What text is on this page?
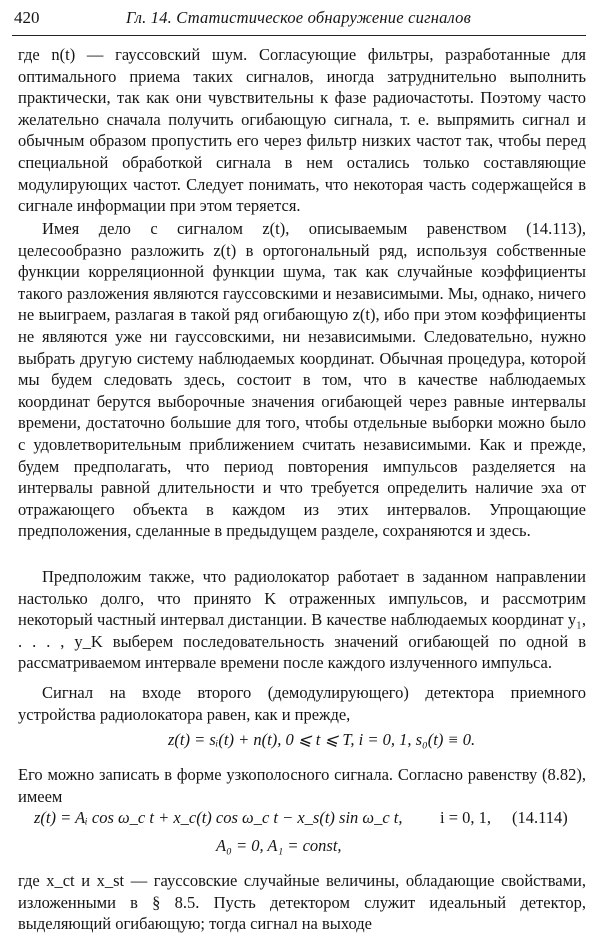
420	Гл. 14. Статистическое обнаружение сигналов

где n(t) — гауссовский шум. Согласующие фильтры, разработанные для оптимального приема таких сигналов, иногда затруднительно выполнить практически, так как они чувствительны к фазе радиочастоты. Поэтому часто желательно сначала получить огибающую сигнала, т. е. выпрямить сигнал и обычным образом пропустить его через фильтр низких частот так, чтобы перед специальной обработкой сигнала в нем остались только составляющие модулирующих частот. Следует понимать, что некоторая часть содержащейся в сигнале информации при этом теряется.

Имея дело с сигналом z(t), описываемым равенством (14.113), целесообразно разложить z(t) в ортогональный ряд, используя собственные функции корреляционной функции шума, так как случайные коэффициенты такого разложения являются гауссовскими и независимыми. Мы, однако, ничего не выиграем, разлагая в такой ряд огибающую z(t), ибо при этом коэффициенты не являются уже ни гауссовскими, ни независимыми. Следовательно, нужно выбрать другую систему наблюдаемых координат. Обычная процедура, которой мы будем следовать здесь, состоит в том, что в качестве наблюдаемых координат берутся выборочные значения огибающей через равные интервалы времени, достаточно большие для того, чтобы отдельные выборки можно было с удовлетворительным приближением считать независимыми. Как и прежде, будем предполагать, что период повторения импульсов разделяется на интервалы равной длительности и что требуется определить наличие эха от отражающего объекта в каждом из этих интервалов. Упрощающие предположения, сделанные в предыдущем разделе, сохраняются и здесь.

Предположим также, что радиолокатор работает в заданном направлении настолько долго, что принято K отраженных импульсов, и рассмотрим некоторый частный интервал дистанции. В качестве наблюдаемых координат y₁, . . . , y_K выберем последовательность значений огибающей по одной в рассматриваемом интервале времени после каждого излученного импульса.

Сигнал на входе второго (демодулирующего) детектора приемного устройства радиолокатора равен, как и прежде,

z(t) = sᵢ(t) + n(t), 0 ⩽ t ⩽ T, i = 0, 1, s₀(t) ≡ 0.

Его можно записать в форме узкополосного сигнала. Согласно равенству (8.82), имеем

z(t) = Aᵢ cos ω_c t + x_c(t) cos ω_c t − x_s(t) sin ω_c t, i = 0, 1, (14.114)
A₀ = 0, A₁ = const,

где x_ct и x_st — гауссовские случайные величины, обладающие свойствами, изложенными в § 8.5. Пусть детектором служит идеальный детектор, выделяющий огибающую; тогда сигнал на выходе
